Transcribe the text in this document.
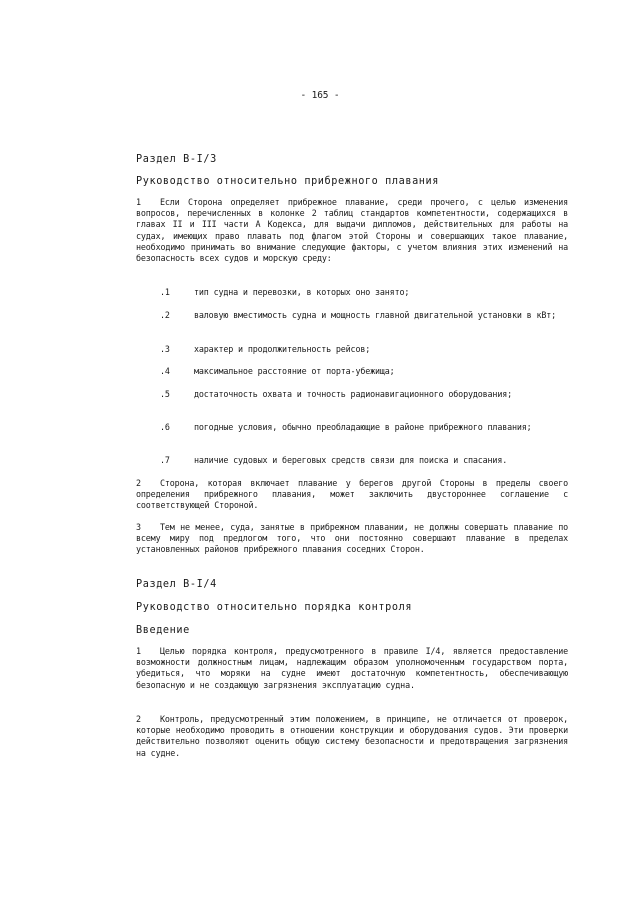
- 165 -
Раздел В-I/3
Руководство относительно прибрежного плавания
1 Если Сторона определяет прибрежное плавание, среди прочего, с целью изменения вопросов, перечисленных в колонке 2 таблиц стандартов компетентности, содержащихся в главах II и III части А Кодекса, для выдачи дипломов, действительных для работы на судах, имеющих право плавать под флагом этой Стороны и совершающих такое плавание, необходимо принимать во внимание следующие факторы, с учетом влияния этих изменений на безопасность всех судов и морскую среду:
.1	тип судна и перевозки, в которых оно занято;
.2	валовую вместимость судна и мощность главной двигательной установки в кВт;
.3	характер и продолжительность рейсов;
.4	максимальное расстояние от порта-убежища;
.5	достаточность охвата и точность радионавигационного оборудования;
.6	погодные условия, обычно преобладающие в районе прибрежного плавания;
.7	наличие судовых и береговых средств связи для поиска и спасания.
2 Сторона, которая включает плавание у берегов другой Стороны в пределы своего определения прибрежного плавания, может заключить двустороннее соглашение с соответствующей Стороной.
3 Тем не менее, суда, занятые в прибрежном плавании, не должны совершать плавание по всему миру под предлогом того, что они постоянно совершают плавание в пределах установленных районов прибрежного плавания соседних Сторон.
Раздел В-I/4
Руководство относительно порядка контроля
Введение
1 Целью порядка контроля, предусмотренного в правиле I/4, является предоставление возможности должностным лицам, надлежащим образом уполномоченным государством порта, убедиться, что моряки на судне имеют достаточную компетентность, обеспечивающую безопасную и не создающую загрязнения эксплуатацию судна.
2 Контроль, предусмотренный этим положением, в принципе, не отличается от проверок, которые необходимо проводить в отношении конструкции и оборудования судов. Эти проверки действительно позволяют оценить общую систему безопасности и предотвращения загрязнения на судне.
